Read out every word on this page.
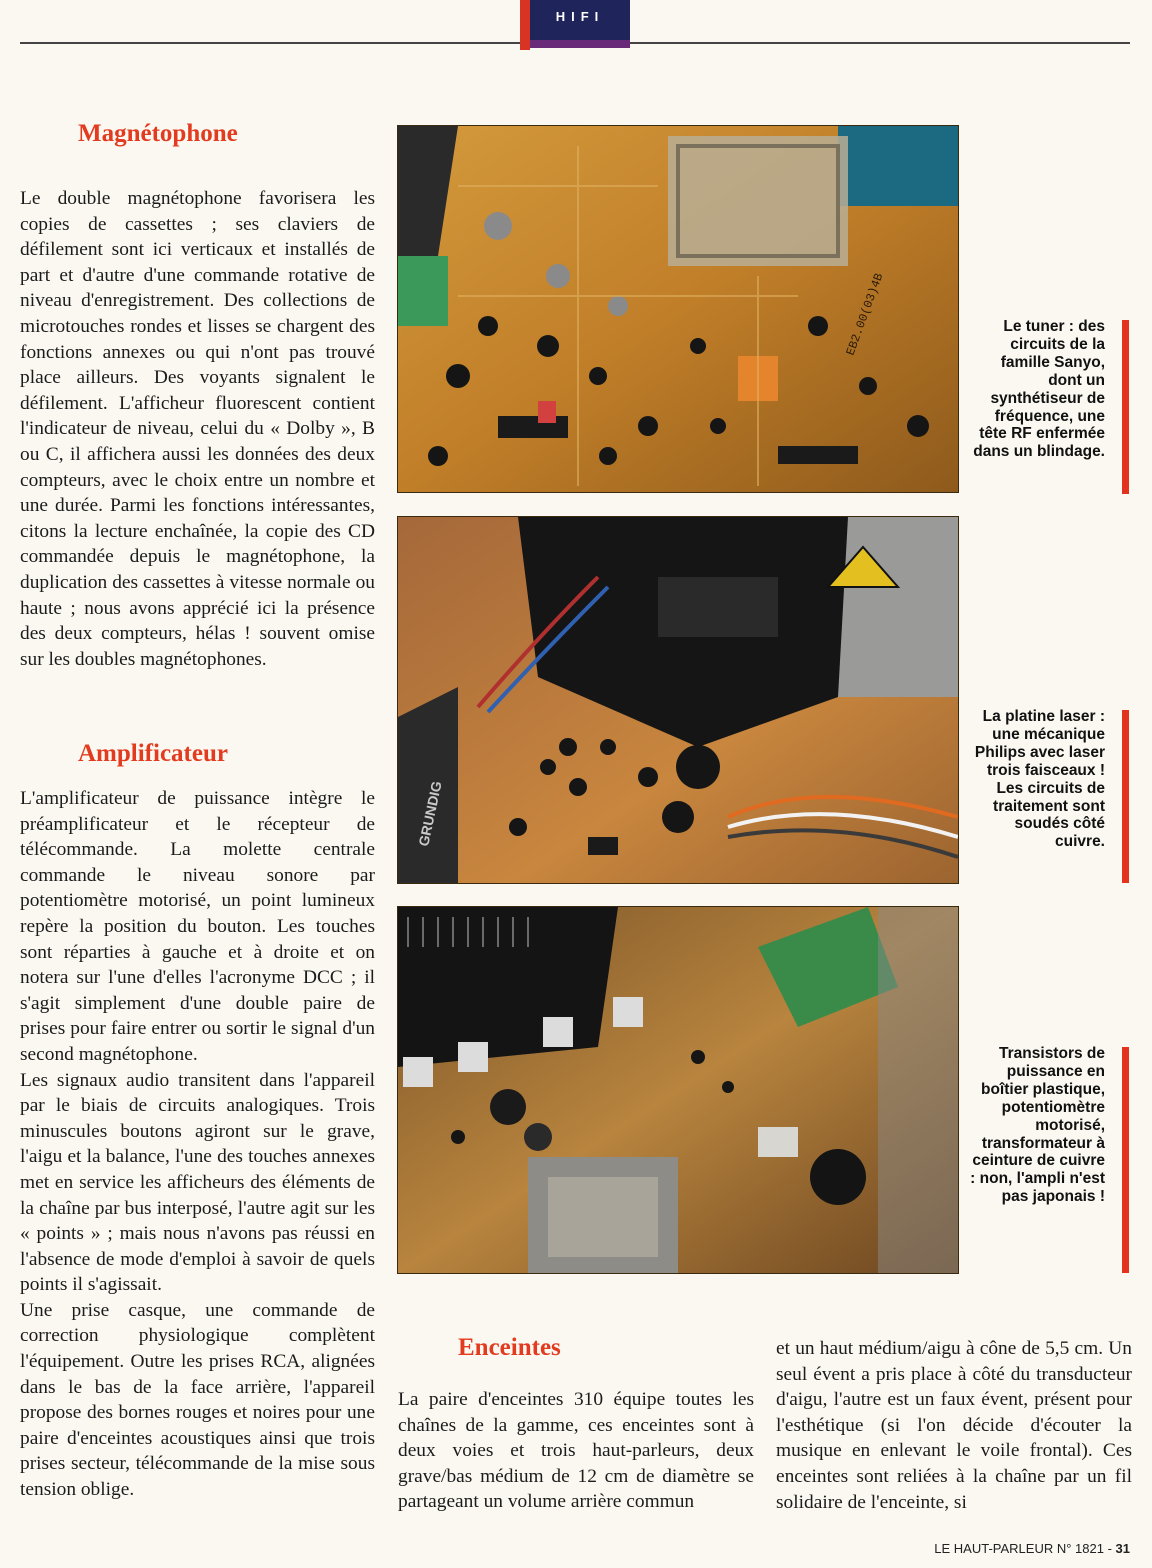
HIFI
Magnétophone

Le double magnétophone favorisera les copies de cassettes ; ses claviers de défilement sont ici verticaux et installés de part et d'autre d'une commande rotative de niveau d'enregistrement. Des collections de microtouches rondes et lisses se chargent des fonctions annexes ou qui n'ont pas trouvé place ailleurs. Des voyants signalent le défilement. L'afficheur fluorescent contient l'indicateur de niveau, celui du « Dolby », B ou C, il affichera aussi les données des deux compteurs, avec le choix entre un nombre et une durée. Parmi les fonctions intéressantes, citons la lecture enchaînée, la copie des CD commandée depuis le magnétophone, la duplication des cassettes à vitesse normale ou haute ; nous avons apprécié ici la présence des deux compteurs, hélas ! souvent omise sur les doubles magnétophones.

Amplificateur

L'amplificateur de puissance intègre le préamplificateur et le récepteur de télécommande. La molette centrale commande le niveau sonore par potentiomètre motorisé, un point lumineux repère la position du bouton. Les touches sont réparties à gauche et à droite et on notera sur l'une d'elles l'acronyme DCC ; il s'agit simplement d'une double paire de prises pour faire entrer ou sortir le signal d'un second magnétophone.

Les signaux audio transitent dans l'appareil par le biais de circuits analogiques. Trois minuscules boutons agiront sur le grave, l'aigu et la balance, l'une des touches annexes met en service les afficheurs des éléments de la chaîne par bus interposé, l'autre agit sur les « points » ; mais nous n'avons pas réussi en l'absence de mode d'emploi à savoir de quels points il s'agissait.

Une prise casque, une commande de correction physiologique complètent l'équipement. Outre les prises RCA, alignées dans le bas de la face arrière, l'appareil propose des bornes rouges et noires pour une paire d'enceintes acoustiques ainsi que trois prises secteur, télécommande de la mise sous tension oblige.

EB2.00(03)4B
GRUNDIG
Le tuner : des circuits de la famille Sanyo, dont un synthétiseur de fréquence, une tête RF enfermée dans un blindage.
La platine laser : une mécanique Philips avec laser trois faisceaux ! Les circuits de traitement sont soudés côté cuivre.
Transistors de puissance en boîtier plastique, potentiomètre motorisé, transformateur à ceinture de cuivre : non, l'ampli n'est pas japonais !
Enceintes

La paire d'enceintes 310 équipe toutes les chaînes de la gamme, ces enceintes sont à deux voies et trois haut-parleurs, deux grave/bas médium de 12 cm de diamètre se partageant un volume arrière commun

et un haut médium/aigu à cône de 5,5 cm. Un seul évent a pris place à côté du transducteur d'aigu, l'autre est un faux évent, présent pour l'esthétique (si l'on décide d'écouter la musique en enlevant le voile frontal). Ces enceintes sont reliées à la chaîne par un fil solidaire de l'enceinte, si

LE HAUT-PARLEUR N° 1821 - 31
